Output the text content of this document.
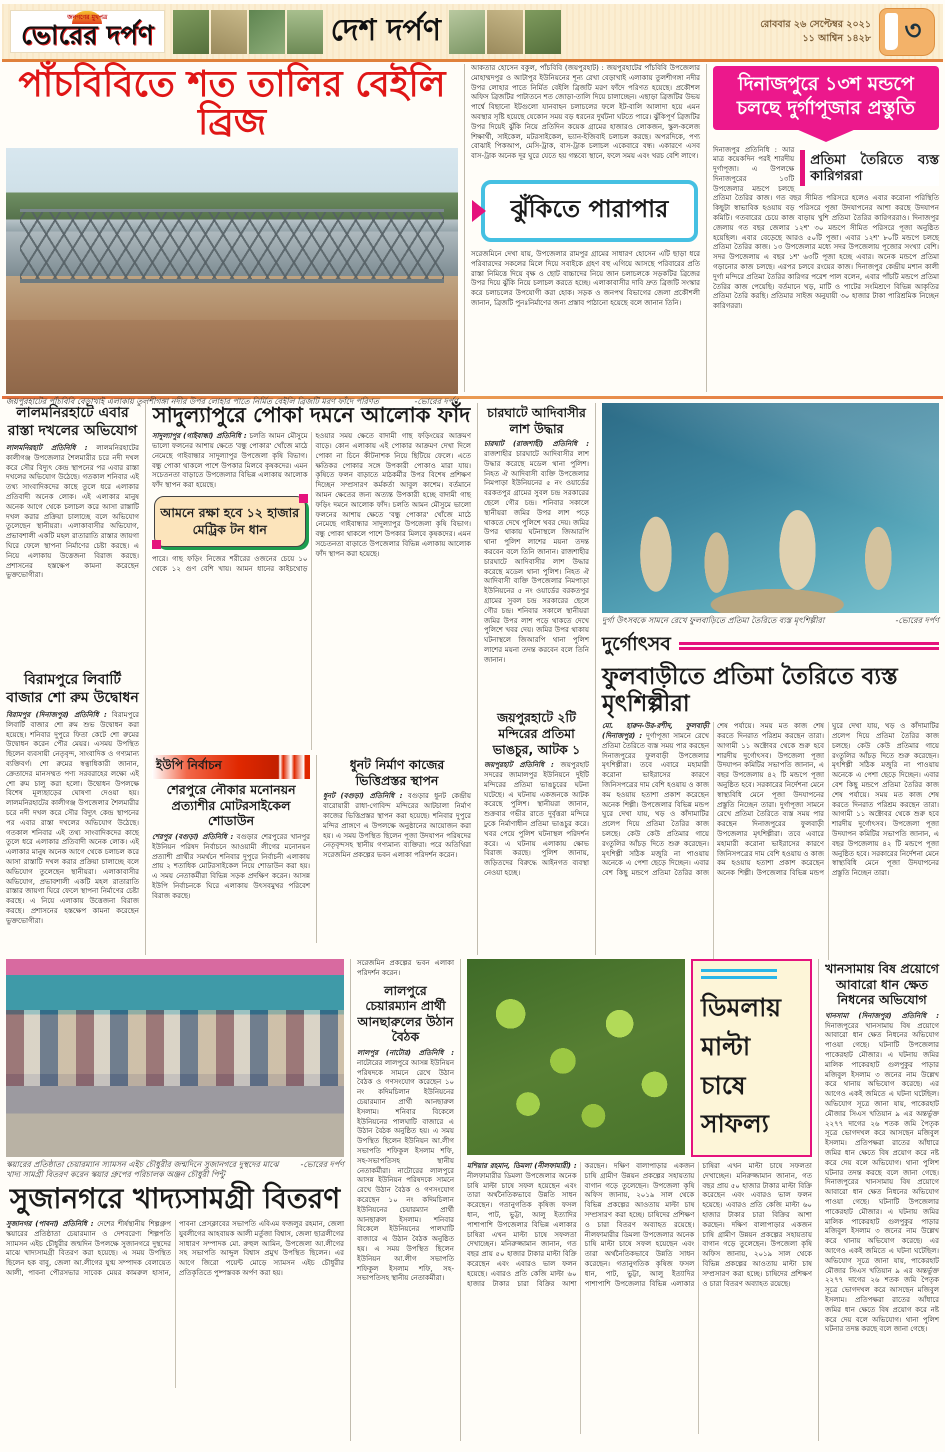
জনগণের মুখপত্র
ভোরের দর্পণ	দেশ দর্পণ	রোববার ২৬ সেপ্টেম্বর ২০২১
১১ আশ্বিন ১৪২৮ ৩
পাঁচবিবিতে শত তালির বেইলি ব্রিজ
জয়পুরহাটের পাঁচবিবি বেড়াখাই এলাকায় তুলশীগঙ্গা নদীর উপর লোহার পাতে নির্মিত বেইলি ব্রিজটি মরণ ফাঁদে পরিণত	-ভোরের দর্পণ

আকতার হোসেন বকুল, পাঁচবিবি (জয়পুরহাট) : জয়পুরহাটের পাঁচবিবি উপজেলার মোহাম্মদপুর ও আটাপুর ইউনিয়নের শূন্য রেখা বেড়াখাই এলাকায় তুলশীগঙ্গা নদীর উপর লোহার পাতে নির্মিত বেইলি ব্রিজটি মরণ ফাঁদে পরিণত হয়েছে। প্রকৌশল অফিস ব্রিজটির পাটাতনে শত জোড়া-তালি দিয়ে চালাচ্ছেন। এছাড়া ব্রিজটির উভয় পার্শ্বে বিছানো ইটগুলো যানবাহন চলাচলের ফলে ইট-বালি আলাদা হয়ে এমন অবস্থার সৃষ্টি হয়েছে যেকোন সময় বড় ধরনের দুর্ঘটনা ঘটতে পারে। ঝুঁকিপূর্ণ ব্রিজটির উপর দিয়েই ঝুঁকি নিয়ে প্রতিদিন কয়েক গ্রামের হাজারও লোকজন, স্কুল-কলেজ শিক্ষার্থী, সাইকেল, মটরসাইকেল, ভ্যান-ইজিবাই চলাচল করছে। অপরদিকে, পণ্য বোঝাই পিকআপ, মেসি-ট্রাক, বাস-ট্রাক চলাচল একেবারে বন্ধ। একারণে এসব বাস-ট্রাক অনেক দূর ঘুরে যেতে হয় গন্তব্যে স্থানে, ফলে সময় এবং খরচ বেশি লাগে।

ঝুঁকিতে পারাপার

সরেজমিনে দেখা যায়, উপজেলার রামপুর গ্রামের সাধারণ হোসেন এটি ছাড়া ধরে পরিবারদের সকলের মিলে দিয়ে সবাইকে গ্রহণ বহু এগিয়ে আসছে পরিবারের প্রতি রাস্তা নিমিত্তে দিয়ে বৃক্ষ ও ছোট বাচ্চাদের নিয়ে জান চলাচলকে সড়কটির ব্রিজের উপর দিয়ে ঝুঁকি নিয়ে চলাচল করতে হচ্ছে। এলাকাবাসীর দাবি দ্রুত ব্রিজটি সংস্কার করে চলাচলের উপযোগী করা হোক। সড়ক ও জনপথ বিভাগের জেলা প্রকৌশলী জানান, ব্রিজটি পুনঃনির্মাণের জন্য প্রস্তাব পাঠানো হয়েছে বলে জানান তিনি।

দিনাজপুরে ১৩শ মন্ডপে চলছে দুর্গাপূজার প্রস্তুতি
প্রতিমা তৈরিতে ব্যস্ত কারিগররা
দিনাজপুর প্রতিনিধি : আর মাত্র কয়েকদিন পরই শারদীয় দুর্গাপূজা। এ উপলক্ষে দিনাজপুরের ১৩টি উপজেলার মন্ডপে চলছে প্রতিমা তৈরির কাজ। গত বছর সীমিত পরিসরে হলেও এবার করোনা পরিস্থিতি কিছুটা স্বাভাবিক হওয়ায় বড় পরিসরে পূজা উদযাপনের আশা করছে উদযাপন কমিটি। গতবারের চেয়ে কাজ বাড়ায় খুশি প্রতিমা তৈরির কারিগররাও। দিনাজপুর জেলায় গত বছর জেলার ১২শ' ৩০ মন্ডপে সীমিত পরিসরে পূজা অনুষ্ঠিত হয়েছিল। এবার বেড়েছে আরও ৫০টি পূজা। এবার ১২শ' ৮০টি মন্ডপে চলছে প্রতিমা তৈরির কাজ। ১৩ উপজেলার মধ্যে সদর উপজেলায় পূজোর সংখ্যা বেশি। সদর উপজেলায় এ বছর ১শ' ৬৩টি পূজা হচ্ছে এবার। অনেক মন্ডপে প্রতিমা গড়ানোর কাজ চলছে। এরপর চলবে রংয়ের কাজ। দিনাজপুর কেন্দ্রীয় মশান কালী দুর্গা মন্দিরে প্রতিমা তৈরির কারিগর পরেশ পাল বলেন, এবার পাঁচটি মন্ডপে প্রতিমা তৈরির কাজ পেয়েছি। বর্তমানে খড়, মাটি ও পাটের সংমিশ্রণে বিভিন্ন আকৃতির প্রতিমা তৈরি করছি। প্রতিমার সাইজ অনুযায়ী ৩০ হাজার টাকা পারিশ্রমিক নিচ্ছেন কারিগররা।
লালমনিরহাটে এবার রাস্তা দখলের অভিযোগ
লালমনিরহাট প্রতিনিধি : লালমনিরহাটের কালীগঞ্জ উপজেলার শৈলমারীর চরে নদী দখল করে সৌর বিদ্যুৎ কেন্দ্র স্থাপনের পর এবার রাস্তা দখলের অভিযোগ উঠেছে। গতকাল শনিবার এই তথ্য সাংবাদিকদের কাছে তুলে ধরে এলাকার প্রতিবাদী অনেক লোক। এই এলাকার মানুষ অনেক আগে থেকে চলাচল করে আসা রাস্তাটি দখল করার প্রক্রিয়া চালাচ্ছে বলে অভিযোগ তুলেছেন স্থানীয়রা। এলাকাবাসীর অভিযোগ, প্রভাবশালী একটি মহল রাতারাতি রাস্তার জায়গা ঘিরে ফেলে স্থাপনা নির্মাণের চেষ্টা করছে। এ নিয়ে এলাকায় উত্তেজনা বিরাজ করছে। প্রশাসনের হস্তক্ষেপ কামনা করেছেন ভুক্তভোগীরা।
বিরামপুরে লিবার্টি বাজার শো রুম উদ্বোধন
বিরামপুর (দিনাজপুর) প্রতিনিধি : বিরামপুরে লিবার্টি বাজার শো রুম শুভ উদ্বোধন করা হয়েছে। শনিবার দুপুরে ফিতা কেটে শো রুমের উদ্বোধন করেন পৌর মেয়র। এসময় উপস্থিত ছিলেন ব্যবসায়ী নেতৃবৃন্দ, সাংবাদিক ও গণ্যমান্য ব্যক্তিবর্গ। শো রুমের স্বত্বাধিকারী জানান, ক্রেতাদের মানসম্মত পণ্য সরবরাহের লক্ষ্যে এই শো রুম চালু করা হলো। উদ্বোধন উপলক্ষে বিশেষ মূল্যছাড়ের ঘোষণা দেওয়া হয়। লালমনিরহাটের কালীগঞ্জ উপজেলার শৈলমারীর চরে নদী দখল করে সৌর বিদ্যুৎ কেন্দ্র স্থাপনের পর এবার রাস্তা দখলের অভিযোগ উঠেছে। গতকাল শনিবার এই তথ্য সাংবাদিকদের কাছে তুলে ধরে এলাকার প্রতিবাদী অনেক লোক। এই এলাকার মানুষ অনেক আগে থেকে চলাচল করে আসা রাস্তাটি দখল করার প্রক্রিয়া চালাচ্ছে বলে অভিযোগ তুলেছেন স্থানীয়রা। এলাকাবাসীর অভিযোগ, প্রভাবশালী একটি মহল রাতারাতি রাস্তার জায়গা ঘিরে ফেলে স্থাপনা নির্মাণের চেষ্টা করছে। এ নিয়ে এলাকায় উত্তেজনা বিরাজ করছে। প্রশাসনের হস্তক্ষেপ কামনা করেছেন ভুক্তভোগীরা।
সাদুল্যাপুরে পোকা দমনে আলোক ফাঁদ
সাদুল্যাপুর (গাইবান্ধা) প্রতিনিধি : চলতি আমন মৌসুমে ভালো ফলনের আশায় ক্ষেতে 'বন্ধু পোকার' খোঁজে মাঠে নেমেছে গাইবান্ধার সাদুল্যাপুর উপজেলা কৃষি বিভাগ। বন্ধু পোকা থাকলে পাশে উপকার মিলবে কৃষকদের। এমন সচেতনতা বাড়াতে উপজেলার বিভিন্ন এলাকায় আলোক ফাঁদ স্থাপন করা হয়েছে।
আমনে রক্ষা হবে ১২ হাজার মেট্রিক টন ধান
পারে। গাছ ফড়িং নিজের শরীরের ওজনের চেয়ে ১০ থেকে ১২ গুণ বেশি খায়। আমন ধানের কাইচথোড় হওয়ার সময় ক্ষেতে বাদামী গাছ ফড়িংয়ের আক্রমণ বাড়ে। কোন এলাকায় এই পোকার আক্রমণ দেখা দিলে পোকা না চিনে কীটনাশক নিয়ে ছিটিয়ে ফেলে। এতে ক্ষতিকর পোকার সঙ্গে উপকারী পোকাও মারা যায়। কৃষিতে ফলন বাড়াতে মাঠকর্মীর উপর বিশেষ প্রশিক্ষণ দিচ্ছেন সম্প্রসারণ কর্মকর্তা আবুল কাশেম। বর্তমানে আমন ক্ষেতের জন্য অত্যন্ত উপকারী হচ্ছে বাদামী গাছ ফড়িং দমনে আলোক ফাঁদ। চলতি আমন মৌসুমে ভালো ফলনের আশায় ক্ষেতে 'বন্ধু পোকার' খোঁজে মাঠে নেমেছে গাইবান্ধার সাদুল্যাপুর উপজেলা কৃষি বিভাগ। বন্ধু পোকা থাকলে পাশে উপকার মিলবে কৃষকদের। এমন সচেতনতা বাড়াতে উপজেলার বিভিন্ন এলাকায় আলোক ফাঁদ স্থাপন করা হয়েছে।
ইউপি নির্বাচন
শেরপুরে নৌকার মনোনয়ন প্রত্যাশীর মোটরসাইকেল শোডাউন
শেরপুর (বগুড়া) প্রতিনিধি : বগুড়ার শেরপুরের খানপুর ইউনিয়ন পরিষদ নির্বাচনে আওয়ামী লীগের মনোনয়ন প্রত্যাশী প্রার্থীর সমর্থনে শনিবার দুপুরে নির্বাচনী এলাকায় প্রায় ২ শতাধিক মোটরসাইকেল নিয়ে শোডাউন করা হয়। এ সময় নেতাকর্মীরা বিভিন্ন সড়ক প্রদক্ষিণ করেন। আসন্ন ইউপি নির্বাচনকে ঘিরে এলাকায় উৎসবমুখর পরিবেশ বিরাজ করছে।
ধুনট নির্মাণ কাজের ভিত্তিপ্রস্তর স্থাপন
ধুনট (বগুড়া) প্রতিনিধি : বগুড়ার ধুনট কেন্দ্রীয় বারোয়ারী রাধা-গোবিন্দ মন্দিরের আটচালা নির্মাণ কাজের ভিত্তিপ্রস্তর স্থাপন করা হয়েছে। শনিবার দুপুরে মন্দির প্রাঙ্গণে এ উপলক্ষে অনুষ্ঠানের আয়োজন করা হয়। এ সময় উপস্থিত ছিলেন পূজা উদযাপন পরিষদের নেতৃবৃন্দসহ স্থানীয় গণ্যমান্য ব্যক্তিরা। পরে অতিথিরা সরেজমিন প্রকল্পের ভবন এলাকা পরিদর্শন করেন।
চারঘাটে আদিবাসীর লাশ উদ্ধার
চারঘাট (রাজশাহী) প্রতিনিধি : রাজশাহীর চারঘাটে আদিবাসীর লাশ উদ্ধার করেছে মডেল থানা পুলিশ। নিহত ঐ আদিবাসী ব্যক্তি উপজেলার নিমপাড়া ইউনিয়নের ৫ নং ওয়ার্ডের বরকতপুর গ্রামের সুবল চন্দ্র সরকারের ছেলে গৌর চন্দ্র। শনিবার সকালে স্থানীয়রা জমির উপর লাশ পড়ে থাকতে দেখে পুলিশে খবর দেয়। জমির উপর থাকায় ঘটনাস্থলে জিআরপি থানা পুলিশ লাশের ময়না তদন্ত করবেন বলে তিনি জানান। রাজশাহীর চারঘাটে আদিবাসীর লাশ উদ্ধার করেছে মডেল থানা পুলিশ। নিহত ঐ আদিবাসী ব্যক্তি উপজেলার নিমপাড়া ইউনিয়নের ৫ নং ওয়ার্ডের বরকতপুর গ্রামের সুবল চন্দ্র সরকারের ছেলে গৌর চন্দ্র। শনিবার সকালে স্থানীয়রা জমির উপর লাশ পড়ে থাকতে দেখে পুলিশে খবর দেয়। জমির উপর থাকায় ঘটনাস্থলে জিআরপি থানা পুলিশ লাশের ময়না তদন্ত করবেন বলে তিনি জানান।
জয়পুরহাটে ২টি মন্দিরের প্রতিমা ভাঙচুর, আটক ১
জয়পুরহাট প্রতিনিধি : জয়পুরহাট সদরের জামালপুর ইউনিয়নে দুইটি মন্দিরের প্রতিমা ভাঙচুরের ঘটনা ঘটেছে। এ ঘটনায় একজনকে আটক করেছে পুলিশ। স্থানীয়রা জানান, শুক্রবার গভীর রাতে দুর্বৃত্তরা মন্দিরে ঢুকে নির্মাণাধীন প্রতিমা ভাঙচুর করে। খবর পেয়ে পুলিশ ঘটনাস্থল পরিদর্শন করে। এ ঘটনায় এলাকায় ক্ষোভ বিরাজ করছে। পুলিশ জানায়, জড়িতদের বিরুদ্ধে আইনগত ব্যবস্থা নেওয়া হচ্ছে।
দুর্গা উৎসবকে সামনে রেখে ফুলবাড়িতে প্রতিমা তৈরিতে ব্যস্ত মৃৎশিল্পীরা	-ভোরের দর্পণ
দুর্গোৎসব
ফুলবাড়ীতে প্রতিমা তৈরিতে ব্যস্ত মৃৎশিল্পীরা
মো. হারুন-উর-রশীদ, ফুলবাড়ী (দিনাজপুর) : দুর্গাপূজা সামনে রেখে প্রতিমা তৈরিতে ব্যস্ত সময় পার করছেন দিনাজপুরের ফুলবাড়ী উপজেলার মৃৎশিল্পীরা। তবে এবারে মহামারী করোনা ভাইরাসের কারণে জিনিসপত্রের দাম বেশি হওয়ায় ও কাজ কম হওয়ায় হতাশা প্রকাশ করেছেন অনেক শিল্পী। উপজেলার বিভিন্ন মন্ডপ ঘুরে দেখা যায়, খড় ও কাঁদামাটির প্রলেপ দিয়ে প্রতিমা তৈরির কাজ চলছে। কেউ কেউ প্রতিমার গায়ে রংতুলির আঁচড় দিতে শুরু করেছেন। মৃৎশিল্পী সঠিক মজুরি না পাওয়ায় অনেকে এ পেশা ছেড়ে দিচ্ছেন। এবার বেশ কিছু মন্ডপে প্রতিমা তৈরির কাজ শেষ পর্যায়ে। সময় মত কাজ শেষ করতে দিনরাত পরিশ্রম করছেন তারা। আগামী ১১ অক্টোবর থেকে শুরু হবে শারদীয় দুর্গোৎসব। উপজেলা পূজা উদযাপন কমিটির সভাপতি জানান, এ বছর উপজেলায় ৪২ টি মন্ডপে পূজা অনুষ্ঠিত হবে। সরকারের নির্দেশনা মেনে স্বাস্থ্যবিধি মেনে পূজা উদযাপনের প্রস্তুতি নিচ্ছেন তারা। দুর্গাপূজা সামনে রেখে প্রতিমা তৈরিতে ব্যস্ত সময় পার করছেন দিনাজপুরের ফুলবাড়ী উপজেলার মৃৎশিল্পীরা। তবে এবারে মহামারী করোনা ভাইরাসের কারণে জিনিসপত্রের দাম বেশি হওয়ায় ও কাজ কম হওয়ায় হতাশা প্রকাশ করেছেন অনেক শিল্পী। উপজেলার বিভিন্ন মন্ডপ ঘুরে দেখা যায়, খড় ও কাঁদামাটির প্রলেপ দিয়ে প্রতিমা তৈরির কাজ চলছে। কেউ কেউ প্রতিমার গায়ে রংতুলির আঁচড় দিতে শুরু করেছেন। মৃৎশিল্পী সঠিক মজুরি না পাওয়ায় অনেকে এ পেশা ছেড়ে দিচ্ছেন। এবার বেশ কিছু মন্ডপে প্রতিমা তৈরির কাজ শেষ পর্যায়ে। সময় মত কাজ শেষ করতে দিনরাত পরিশ্রম করছেন তারা। আগামী ১১ অক্টোবর থেকে শুরু হবে শারদীয় দুর্গোৎসব। উপজেলা পূজা উদযাপন কমিটির সভাপতি জানান, এ বছর উপজেলায় ৪২ টি মন্ডপে পূজা অনুষ্ঠিত হবে। সরকারের নির্দেশনা মেনে স্বাস্থ্যবিধি মেনে পূজা উদযাপনের প্রস্তুতি নিচ্ছেন তারা।
স্কয়ারের প্রতিষ্ঠাতা চেয়ারম্যান স্যামসন এইচ চৌধুরীর জন্মদিনে সুজানগরে দুস্থদের মাঝে খাদ্য সামগ্রী বিতরণ করেন স্কয়ার গ্রুপের পরিচালক অঞ্জন চৌধুরী পিন্টু
-ভোরের দর্পণ
সুজানগরে খাদ্যসামগ্রী বিতরণ
সুজানগর (পাবনা) প্রতিনিধি : দেশের শীর্ষস্থানীয় শিল্পগ্রুপ স্কয়ারের প্রতিষ্ঠাতা চেয়ারম্যান ও দেশবরেণ্য শিল্পপতি স্যামসন এইচ চৌধুরীর জন্মদিন উপলক্ষে সুজানগরে দুস্থদের মাঝে খাদ্যসামগ্রী বিতরণ করা হয়েছে। এ সময় উপস্থিত ছিলেন হক বাবু, জেলা আ.লীগের যুগ্ম সম্পাদক বেলায়েত আলী, পাবনা পৌরসভার সাবেক মেয়র কামরুল হাসান, পাবনা প্রেসক্লাবের সভাপতি এবিএম ফজলুর রহমান, জেলা যুবলীগের আহবায়ক আলী মর্তুজা বিশ্বাস, জেলা ছাত্রলীগের সাধারণ সম্পাদক মো. রুহুল আমিন, উপজেলা আ.লীগের সহ সভাপতি আব্দুল বিশ্বাস প্রমুখ উপস্থিত ছিলেন। এর আগে জিরো পয়েন্ট মোড়ে স্যামসন এইচ চৌধুরীর প্রতিকৃতিতে পুষ্পস্তবক অর্পণ করা হয়।

সরেজমিন প্রকল্পের ভবন এলাকা পরিদর্শন করেন।

লালপুরে চেয়ারম্যান প্রার্থী আনছারুলের উঠান বৈঠক
লালপুর (নাটোর) প্রতিনিধি : নাটোরের লালপুরে আসন্ন ইউনিয়ন পরিষদকে সামনে রেখে উঠান বৈঠক ও গণসংযোগ করেছেন ১০ নং কদিমচিলান ইউনিয়নের চেয়ারম্যান প্রার্থী আনছারুল ইসলাম। শনিবার বিকেলে ইউনিয়নের পালঘাটি বাজারে এ উঠান বৈঠক অনুষ্ঠিত হয়। এ সময় উপস্থিত ছিলেন ইউনিয়ন আ.লীগ সভাপতি শফিকুল ইসলাম শফি, সহ-সভাপতিসহ স্থানীয় নেতাকর্মীরা। নাটোরের লালপুরে আসন্ন ইউনিয়ন পরিষদকে সামনে রেখে উঠান বৈঠক ও গণসংযোগ করেছেন ১০ নং কদিমচিলান ইউনিয়নের চেয়ারম্যান প্রার্থী আনছারুল ইসলাম। শনিবার বিকেলে ইউনিয়নের পালঘাটি বাজারে এ উঠান বৈঠক অনুষ্ঠিত হয়। এ সময় উপস্থিত ছিলেন ইউনিয়ন আ.লীগ সভাপতি শফিকুল ইসলাম শফি, সহ-সভাপতিসহ স্থানীয় নেতাকর্মীরা।
ডিমলায় মাল্টা চাষে সাফল্য
মশিয়ার রহমান, ডিমলা (নীলফামারী) : নীলফামারীর ডিমলা উপজেলার অনেক চাষি মাল্টা চাষে সফল হয়েছেন এবং তারা অর্থনৈতিকভাবে উন্নতি সাধন করেছেন। গতানুগতিক কৃষিজ ফসল ধান, পাট, ভুট্টা, আলু ইত্যাদির পাশাপাশি উপজেলার বিভিন্ন এলাকার চাষিরা এখন মাল্টা চাষে সফলতা দেখাচ্ছেন। মনিরুজ্জামান জানান, গত বছর প্রায় ৫০ হাজার টাকার মাল্টা বিক্রি করেছেন এবং এবারও ভাল ফলন হয়েছে। এবারও প্রতি কেজি মাল্টা ৬০ হাজার টাকার চারা বিক্রির আশা করছেন। দক্ষিণ বালাপাড়ার একজন চাষি গ্রামীণ উন্নয়ন প্রকল্পের সহায়তায় বাগান গড়ে তুলেছেন। উপজেলা কৃষি অফিস জানায়, ২০১৯ সাল থেকে বিভিন্ন প্রকল্পের আওতায় মাল্টা চাষ সম্প্রসারণ করা হচ্ছে। চাষিদের প্রশিক্ষণ ও চারা বিতরণ অব্যাহত রয়েছে। নীলফামারীর ডিমলা উপজেলার অনেক চাষি মাল্টা চাষে সফল হয়েছেন এবং তারা অর্থনৈতিকভাবে উন্নতি সাধন করেছেন। গতানুগতিক কৃষিজ ফসল ধান, পাট, ভুট্টা, আলু ইত্যাদির পাশাপাশি উপজেলার বিভিন্ন এলাকার চাষিরা এখন মাল্টা চাষে সফলতা দেখাচ্ছেন। মনিরুজ্জামান জানান, গত বছর প্রায় ৫০ হাজার টাকার মাল্টা বিক্রি করেছেন এবং এবারও ভাল ফলন হয়েছে। এবারও প্রতি কেজি মাল্টা ৬০ হাজার টাকার চারা বিক্রির আশা করছেন। দক্ষিণ বালাপাড়ার একজন চাষি গ্রামীণ উন্নয়ন প্রকল্পের সহায়তায় বাগান গড়ে তুলেছেন। উপজেলা কৃষি অফিস জানায়, ২০১৯ সাল থেকে বিভিন্ন প্রকল্পের আওতায় মাল্টা চাষ সম্প্রসারণ করা হচ্ছে। চাষিদের প্রশিক্ষণ ও চারা বিতরণ অব্যাহত রয়েছে।
খানসামায় বিষ প্রয়োগে আবারো ধান ক্ষেত নিধনের অভিযোগ
খানসামা (দিনাজপুর) প্রতিনিধি : দিনাজপুরের খানসামায় বিষ প্রয়োগে আবারো ধান ক্ষেত নিধনের অভিযোগ পাওয়া গেছে। ঘটনাটি উপজেলার পাকেরহাট মৌজার। এ ঘটনায় জমির মালিক পাকেরহাট গুলপুকুর পাড়ার মজিবুল ইসলাম ৩ জনের নাম উল্লেখ করে থানায় অভিযোগ করেছে। এর আগেও একই জমিতে এ ঘটনা ঘটেছিল। অভিযোগ সূত্রে জানা যায়, পাকেরহাট মৌজার সিএস খতিয়ান ৯ এর অন্তর্ভুক্ত ২২৭৭ দাগের ২৬ শতক জমি পৈতৃক সূত্রে ভোগদখল করে আসছেন মজিবুল ইসলাম। প্রতিপক্ষরা রাতের আঁধারে জমির ধান ক্ষেতে বিষ প্রয়োগ করে নষ্ট করে দেয় বলে অভিযোগ। থানা পুলিশ ঘটনার তদন্ত করছে বলে জানা গেছে। দিনাজপুরের খানসামায় বিষ প্রয়োগে আবারো ধান ক্ষেত নিধনের অভিযোগ পাওয়া গেছে। ঘটনাটি উপজেলার পাকেরহাট মৌজার। এ ঘটনায় জমির মালিক পাকেরহাট গুলপুকুর পাড়ার মজিবুল ইসলাম ৩ জনের নাম উল্লেখ করে থানায় অভিযোগ করেছে। এর আগেও একই জমিতে এ ঘটনা ঘটেছিল। অভিযোগ সূত্রে জানা যায়, পাকেরহাট মৌজার সিএস খতিয়ান ৯ এর অন্তর্ভুক্ত ২২৭৭ দাগের ২৬ শতক জমি পৈতৃক সূত্রে ভোগদখল করে আসছেন মজিবুল ইসলাম। প্রতিপক্ষরা রাতের আঁধারে জমির ধান ক্ষেতে বিষ প্রয়োগ করে নষ্ট করে দেয় বলে অভিযোগ। থানা পুলিশ ঘটনার তদন্ত করছে বলে জানা গেছে।
